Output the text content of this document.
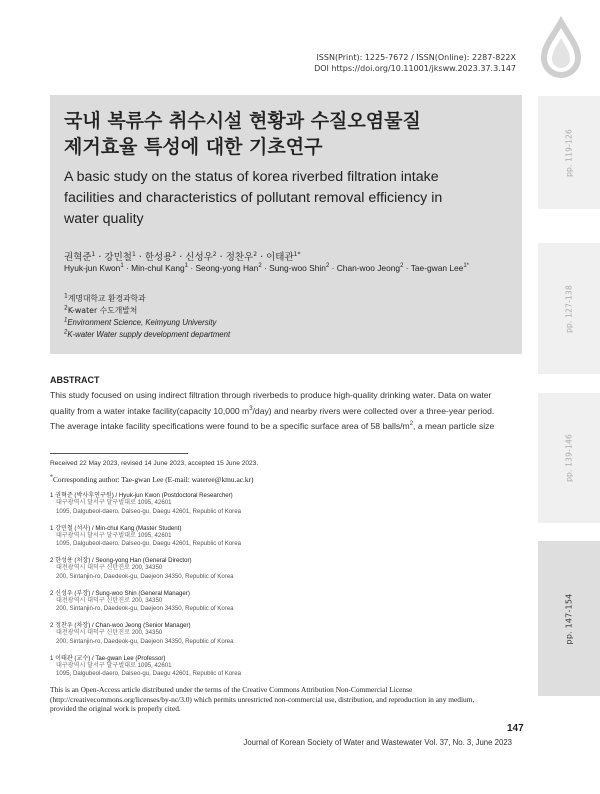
ISSN(Print): 1225-7672 / ISSN(Online): 2287-822X
DOI https://doi.org/10.11001/jksww.2023.37.3.147
pp. 119-126
pp. 127-138
pp. 139-146
pp. 147-154
국내 복류수 취수시설 현황과 수질오염물질
제거효율 특성에 대한 기초연구
A basic study on the status of korea riverbed filtration intake
facilities and characteristics of pollutant removal efficiency in
water quality
권혁준$^1$ · 강민철$^1$ · 한성용$^2$ · 신성우$^2$ · 정찬우$^2$ · 이태관$^{1*}$
Hyuk-jun Kwon$^1$ · Min-chul Kang$^1$ · Seong-yong Han$^2$ · Sung-woo Shin$^2$ · Chan-woo Jeong$^2$ · Tae-gwan Lee$^{1*}$
$^1$계명대학교 환경과학과
$^2$K-water 수도개발처
$^1$Environment Science, Keimyung University
$^2$K-water Water supply development department
ABSTRACT
This study focused on using indirect filtration through riverbeds to produce high-quality drinking water. Data on water
quality from a water intake facility(capacity 10,000 $m^3/day$) and nearby rivers were collected over a three-year period.
The average intake facility specifications were found to be a specific surface area of 58 balls/$m^2$, a mean particle size
Received 22 May 2023, revised 14 June 2023, accepted 15 June 2023.
*Corresponding author: Tae-gwan Lee (E-mail: wateree@kmu.ac.kr)
1 권혁준 (박사후연구원) / Hyuk-jun Kwon (Postdoctoral Researcher)
대구광역시 달서구 달구벌대로 1095, 42601
1095, Dalgubeol-daero, Dalseo-gu, Daegu 42601, Republic of Korea
1 강민철 (석사) / Min-chul Kang (Master Student)
대구광역시 달서구 달구벌대로 1095, 42601
1095, Dalgubeol-daero, Dalseo-gu, Daegu 42601, Republic of Korea
2 한성용 (처장) / Seong-yong Han (General Director)
대전광역시 대덕구 신탄진로 200, 34350
200, Sintanjin-ro, Daedeok-gu, Daejeon 34350, Republic of Korea
2 신성우 (부장) / Sung-woo Shin (General Manager)
대전광역시 대덕구 신탄진로 200, 34350
200, Sintanjin-ro, Daedeok-gu, Daejeon 34350, Republic of Korea
2 정찬우 (차장) / Chan-woo Jeong (Senior Manager)
대전광역시 대덕구 신탄진로 200, 34350
200, Sintanjin-ro, Daedeok-gu, Daejeon 34350, Republic of Korea
1 이태관 (교수) / Tae-gwan Lee (Professor)
대구광역시 달서구 달구벌대로 1095, 42601
1095, Dalgubeol-daero, Dalseo-gu, Daegu 42601, Republic of Korea
This is an Open-Access article distributed under the terms of the Creative Commons Attribution Non-Commercial License
(http://creativecommons.org/licenses/by-nc/3.0) which permits unrestricted non-commercial use, distribution, and reproduction in any medium,
provided the original work is properly cited.
147
Journal of Korean Society of Water and Wastewater Vol. 37, No. 3, June 2023
